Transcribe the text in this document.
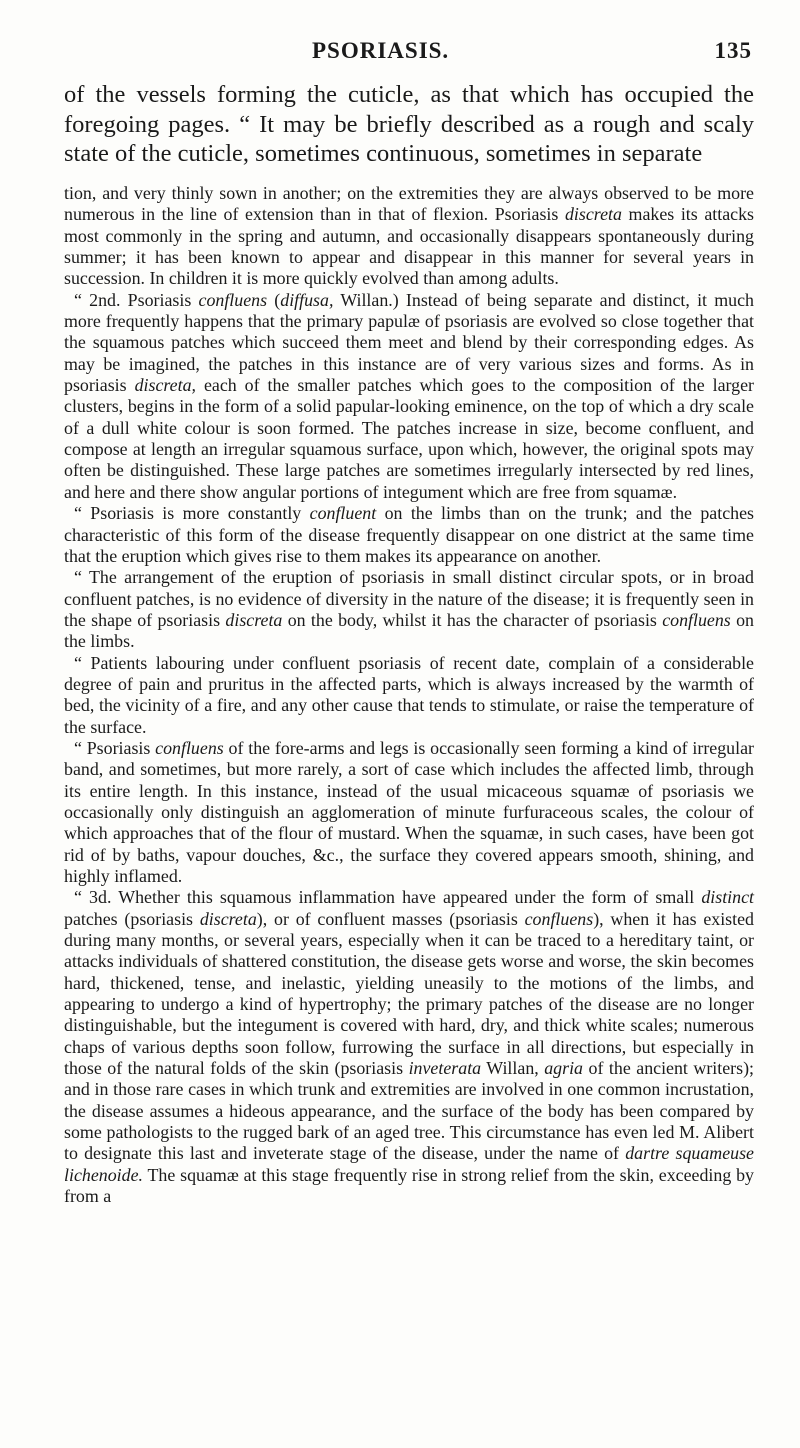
PSORIASIS.	135

of the vessels forming the cuticle, as that which has occupied the foregoing pages. “ It may be briefly described as a rough and scaly state of the cuticle, sometimes continuous, sometimes in separate

tion, and very thinly sown in another; on the extremities they are always observed to be more numerous in the line of extension than in that of flexion. Psoriasis discreta makes its attacks most commonly in the spring and autumn, and occasionally disappears spontaneously during summer; it has been known to appear and disappear in this manner for several years in succession. In children it is more quickly evolved than among adults.

“ 2nd. Psoriasis confluens (diffusa, Willan.) Instead of being separate and distinct, it much more frequently happens that the primary papulæ of psoriasis are evolved so close together that the squamous patches which succeed them meet and blend by their corresponding edges. As may be imagined, the patches in this instance are of very various sizes and forms. As in psoriasis discreta, each of the smaller patches which goes to the composition of the larger clusters, begins in the form of a solid papular-looking eminence, on the top of which a dry scale of a dull white colour is soon formed. The patches increase in size, become confluent, and compose at length an irregular squamous surface, upon which, however, the original spots may often be distinguished. These large patches are sometimes irregularly intersected by red lines, and here and there show angular portions of integument which are free from squamæ.

“ Psoriasis is more constantly confluent on the limbs than on the trunk; and the patches characteristic of this form of the disease frequently disappear on one district at the same time that the eruption which gives rise to them makes its appearance on another.

“ The arrangement of the eruption of psoriasis in small distinct circular spots, or in broad confluent patches, is no evidence of diversity in the nature of the disease; it is frequently seen in the shape of psoriasis discreta on the body, whilst it has the character of psoriasis confluens on the limbs.

“ Patients labouring under confluent psoriasis of recent date, complain of a considerable degree of pain and pruritus in the affected parts, which is always increased by the warmth of bed, the vicinity of a fire, and any other cause that tends to stimulate, or raise the temperature of the surface.

“ Psoriasis confluens of the fore-arms and legs is occasionally seen forming a kind of irregular band, and sometimes, but more rarely, a sort of case which includes the affected limb, through its entire length. In this instance, instead of the usual micaceous squamæ of psoriasis we occasionally only distinguish an agglomeration of minute furfuraceous scales, the colour of which approaches that of the flour of mustard. When the squamæ, in such cases, have been got rid of by baths, vapour douches, &c., the surface they covered appears smooth, shining, and highly inflamed.

“ 3d. Whether this squamous inflammation have appeared under the form of small distinct patches (psoriasis discreta), or of confluent masses (psoriasis confluens), when it has existed during many months, or several years, especially when it can be traced to a hereditary taint, or attacks individuals of shattered constitution, the disease gets worse and worse, the skin becomes hard, thickened, tense, and inelastic, yielding uneasily to the motions of the limbs, and appearing to undergo a kind of hypertrophy; the primary patches of the disease are no longer distinguishable, but the integument is covered with hard, dry, and thick white scales; numerous chaps of various depths soon follow, furrowing the surface in all directions, but especially in those of the natural folds of the skin (psoriasis inveterata Willan, agria of the ancient writers); and in those rare cases in which trunk and extremities are involved in one common incrustation, the disease assumes a hideous appearance, and the surface of the body has been compared by some pathologists to the rugged bark of an aged tree. This circumstance has even led M. Alibert to designate this last and inveterate stage of the disease, under the name of dartre squameuse lichenoide. The squamæ at this stage frequently rise in strong relief from the skin, exceeding by from a
